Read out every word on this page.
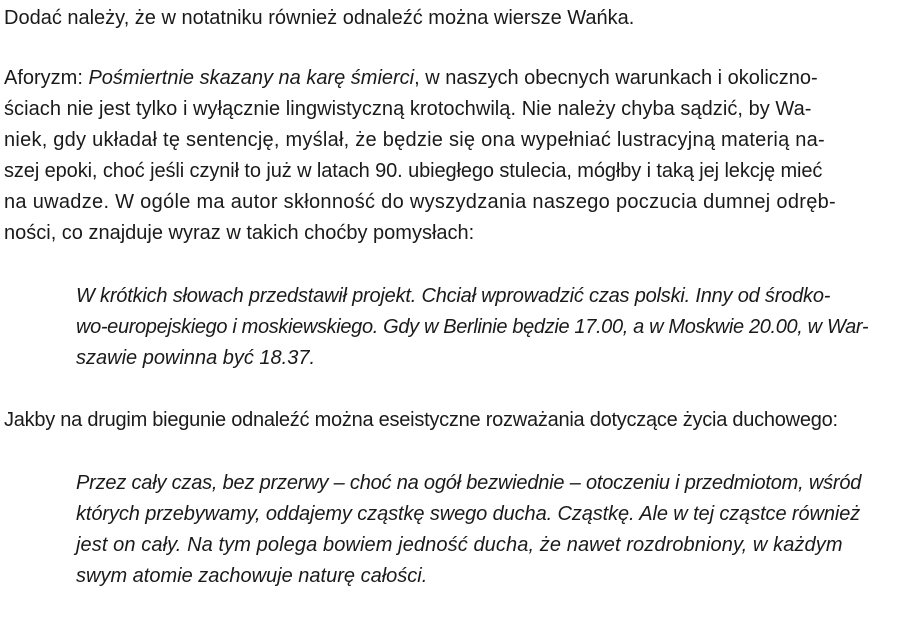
Dodać należy, że w notatniku również odnaleźć można wiersze Wańka.
Aforyzm: Pośmiertnie skazany na karę śmierci, w naszych obecnych warunkach i okoliczno-
ściach nie jest tylko i wyłącznie lingwistyczną krotochwilą. Nie należy chyba sądzić, by Wa-
niek, gdy układał tę sentencję, myślał, że będzie się ona wypełniać lustracyjną materią na-
szej epoki, choć jeśli czynił to już w latach 90. ubiegłego stulecia, mógłby i taką jej lekcję mieć
na uwadze. W ogóle ma autor skłonność do wyszydzania naszego poczucia dumnej odręb-
ności, co znajduje wyraz w takich choćby pomysłach:
W krótkich słowach przedstawił projekt. Chciał wprowadzić czas polski. Inny od środko-
wo-europejskiego i moskiewskiego. Gdy w Berlinie będzie 17.00, a w Moskwie 20.00, w War-
szawie powinna być 18.37.
Jakby na drugim biegunie odnaleźć można eseistyczne rozważania dotyczące życia duchowego:
Przez cały czas, bez przerwy – choć na ogół bezwiednie – otoczeniu i przedmiotom, wśród
których przebywamy, oddajemy cząstkę swego ducha. Cząstkę. Ale w tej cząstce również
jest on cały. Na tym polega bowiem jedność ducha, że nawet rozdrobniony, w każdym
swym atomie zachowuje naturę całości.
